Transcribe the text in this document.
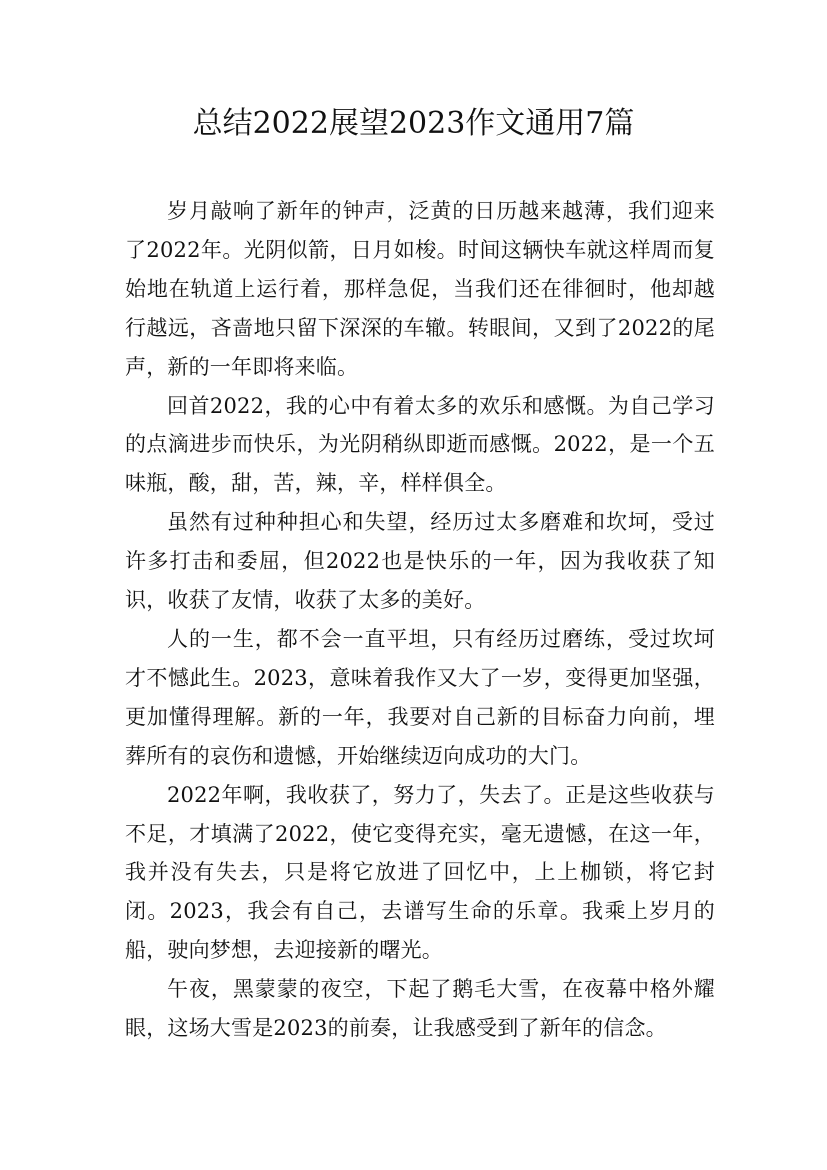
总结2022展望2023作文通用7篇

岁月敲响了新年的钟声，泛黄的日历越来越薄，我们迎来了2022年。光阴似箭，日月如梭。时间这辆快车就这样周而复始地在轨道上运行着，那样急促，当我们还在徘徊时，他却越行越远，吝啬地只留下深深的车辙。转眼间，又到了2022的尾声，新的一年即将来临。

回首2022，我的心中有着太多的欢乐和感慨。为自己学习的点滴进步而快乐，为光阴稍纵即逝而感慨。2022，是一个五味瓶，酸，甜，苦，辣，辛，样样俱全。

虽然有过种种担心和失望，经历过太多磨难和坎坷，受过许多打击和委屈，但2022也是快乐的一年，因为我收获了知识，收获了友情，收获了太多的美好。

人的一生，都不会一直平坦，只有经历过磨练，受过坎坷才不憾此生。2023，意味着我作又大了一岁，变得更加坚强，更加懂得理解。新的一年，我要对自己新的目标奋力向前，埋葬所有的哀伤和遗憾，开始继续迈向成功的大门。

2022年啊，我收获了，努力了，失去了。正是这些收获与不足，才填满了2022，使它变得充实，毫无遗憾，在这一年，我并没有失去，只是将它放进了回忆中，上上枷锁，将它封闭。2023，我会有自己，去谱写生命的乐章。我乘上岁月的船，驶向梦想，去迎接新的曙光。

午夜，黑蒙蒙的夜空，下起了鹅毛大雪，在夜幕中格外耀眼，这场大雪是2023的前奏，让我感受到了新年的信念。
